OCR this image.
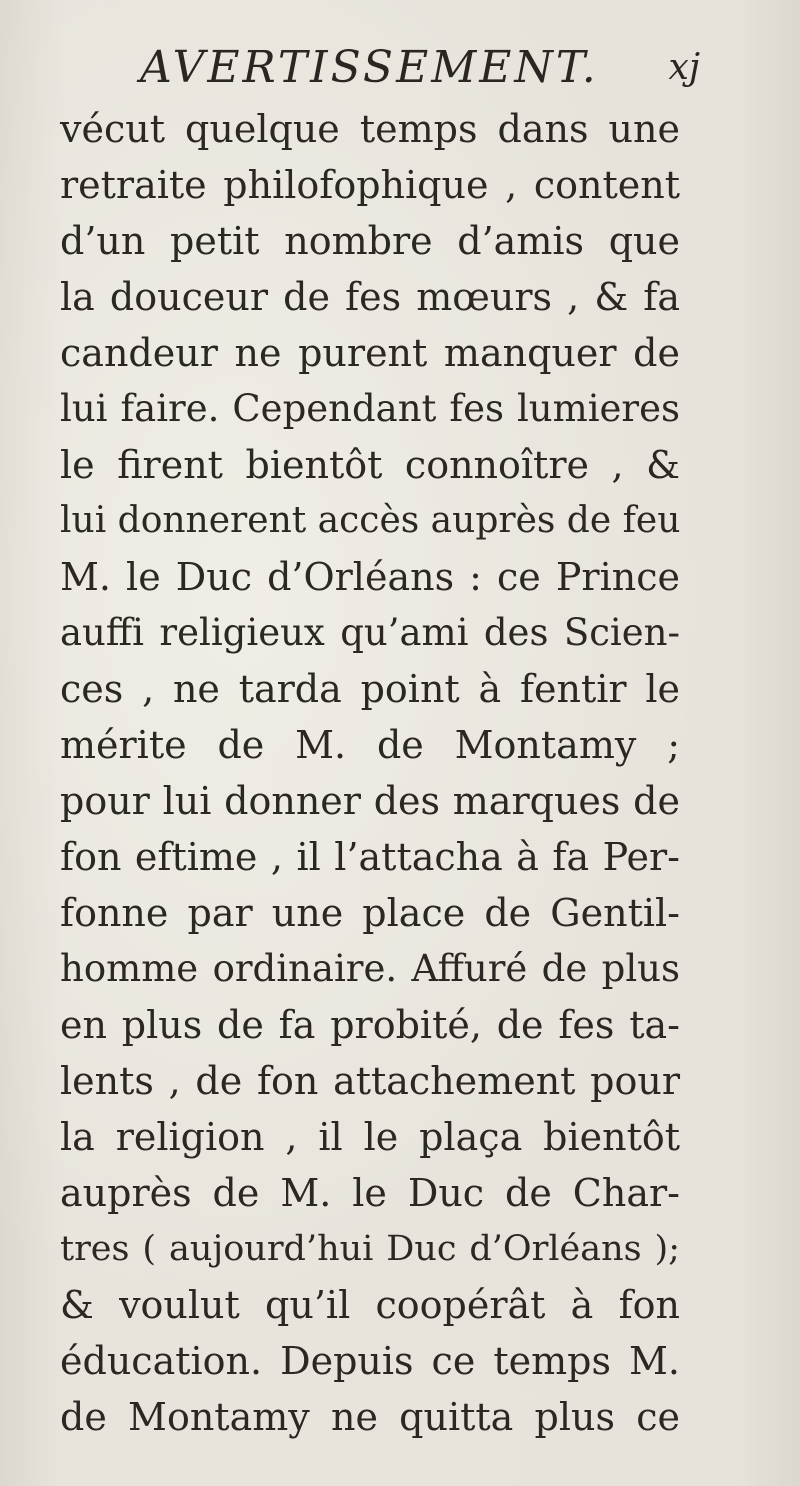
AVERTISSEMENT. xj
vécut quelque temps dans une
retraite philofophique , content
d’un petit nombre d’amis que
la douceur de fes mœurs , & fa
candeur ne purent manquer de
lui faire. Cependant fes lumieres
le firent bientôt connoître , &
lui donnerent accès auprès de feu
M. le Duc d’Orléans : ce Prince
auffi religieux qu’ami des Scien-
ces , ne tarda point à fentir le
mérite de M. de Montamy ;
pour lui donner des marques de
fon eftime , il l’attacha à fa Per-
fonne par une place de Gentil-
homme ordinaire. Affuré de plus
en plus de fa probité, de fes ta-
lents , de fon attachement pour
la religion , il le plaça bientôt
auprès de M. le Duc de Char-
tres ( aujourd’hui Duc d’Orléans );
& voulut qu’il coopérât à fon
éducation. Depuis ce temps M.
de Montamy ne quitta plus ce
